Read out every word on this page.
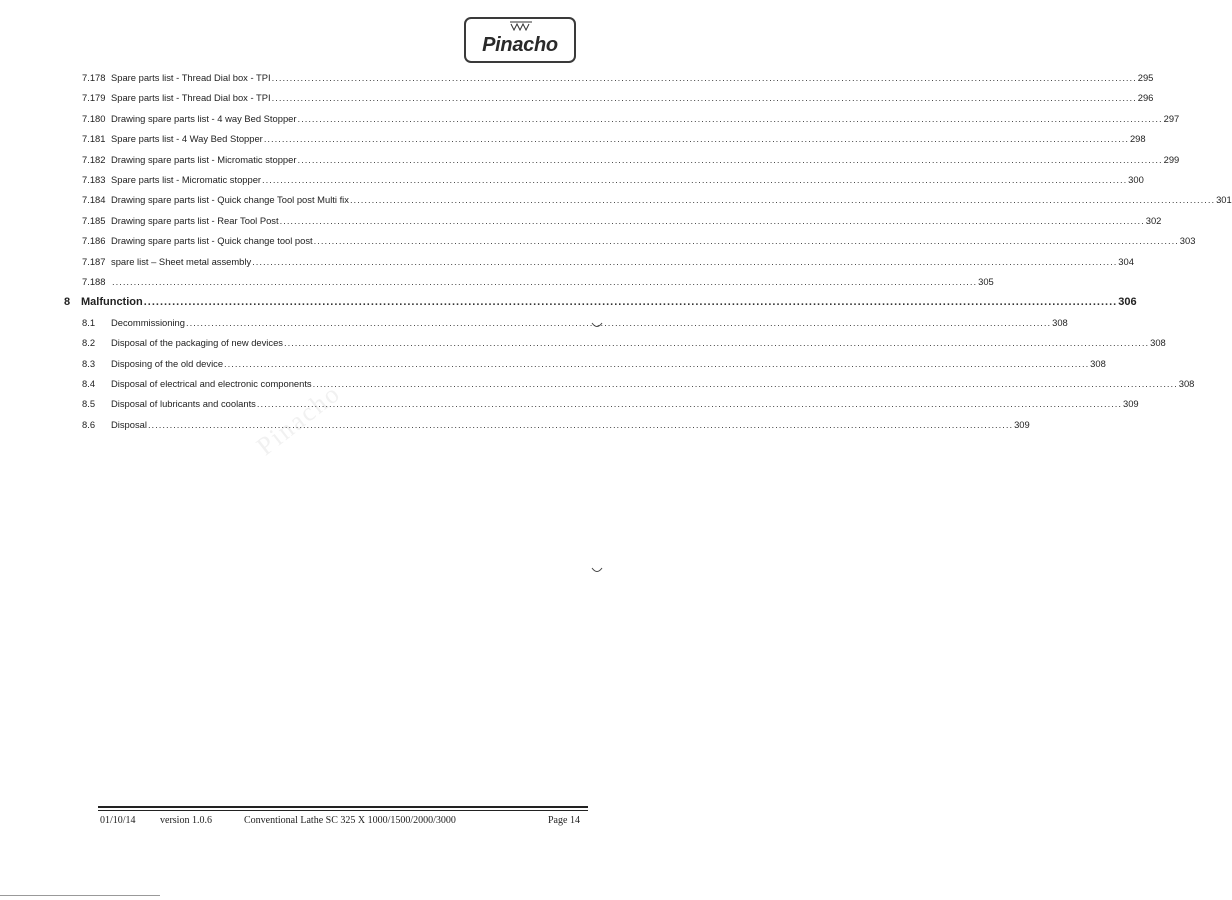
Pinacho
Pinacho
7.178 Spare parts list - Thread Dial box - TPI ................................................................................................................................................................................................................................................ 295
7.179 Spare parts list - Thread Dial box - TPI ................................................................................................................................................................................................................................................ 296
7.180 Drawing spare parts list - 4 way Bed Stopper ................................................................................................................................................................................................................................................ 297
7.181 Spare parts list - 4 Way Bed Stopper ................................................................................................................................................................................................................................................ 298
7.182 Drawing spare parts list - Micromatic stopper ................................................................................................................................................................................................................................................ 299
7.183 Spare parts list - Micromatic stopper ................................................................................................................................................................................................................................................ 300
7.184 Drawing spare parts list - Quick change Tool post Multi fix ................................................................................................................................................................................................................................................ 301
7.185 Drawing spare parts list - Rear Tool Post ................................................................................................................................................................................................................................................ 302
7.186 Drawing spare parts list - Quick change tool post ................................................................................................................................................................................................................................................ 303
7.187 spare list – Sheet metal assembly ................................................................................................................................................................................................................................................ 304
7.188 ................................................................................................................................................................................................................................................ 305
8 Malfunction ................................................................................................................................................................................................................................................ 306
8.1	Decommissioning ................................................................................................................................................................................................................................................ 308
8.2	Disposal of the packaging of new devices ................................................................................................................................................................................................................................................ 308
8.3	Disposing of the old device ................................................................................................................................................................................................................................................ 308
8.4	Disposal of electrical and electronic components ................................................................................................................................................................................................................................................ 308
8.5	Disposal of lubricants and coolants ................................................................................................................................................................................................................................................ 309
8.6	Disposal ................................................................................................................................................................................................................................................ 309
01/10/14 version 1.0.6	Conventional Lathe SC 325 X 1000/1500/2000/3000	Page 14
